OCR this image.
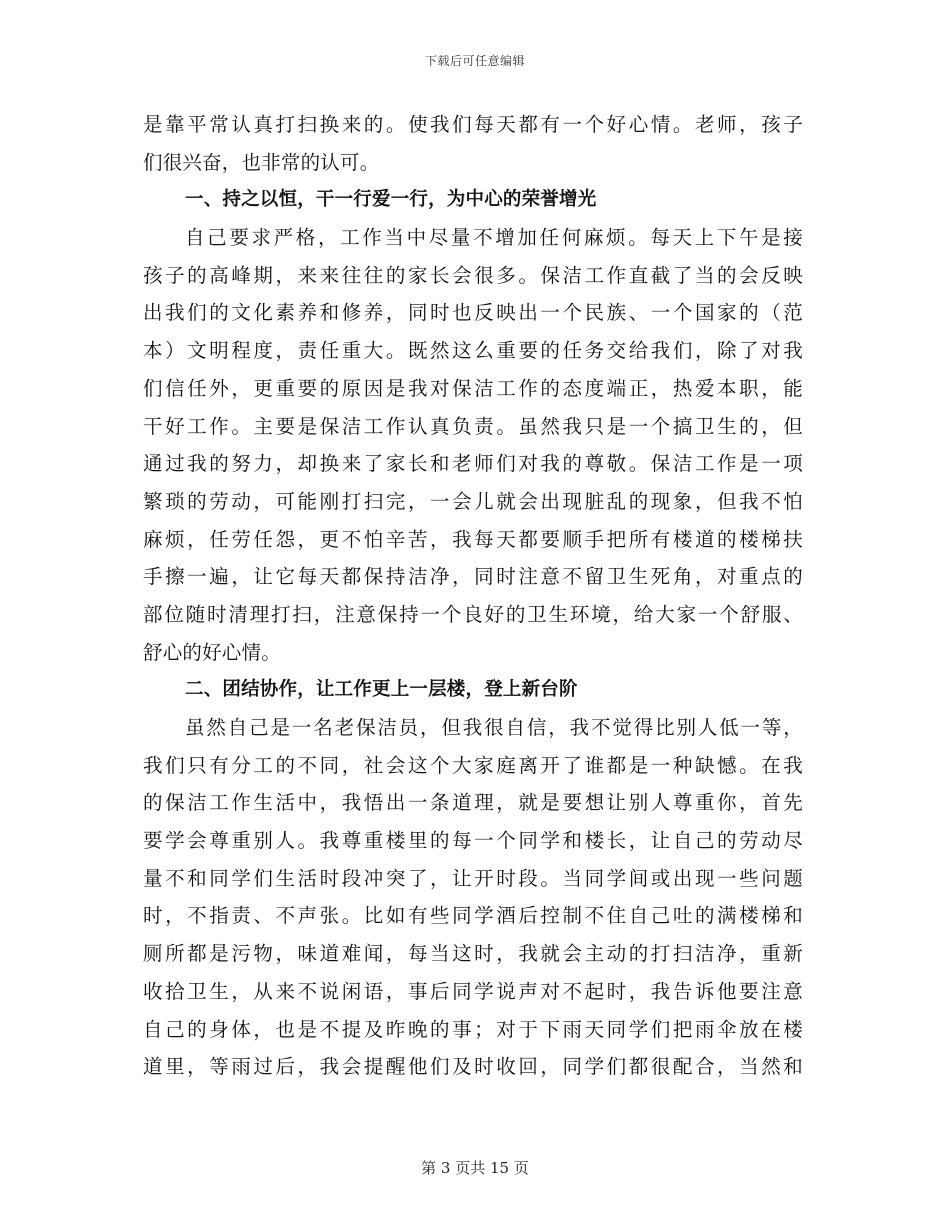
下载后可任意编辑
是靠平常认真打扫换来的。使我们每天都有一个好心情。老师，孩子
们很兴奋，也非常的认可。
一、持之以恒，干一行爱一行，为中心的荣誉增光
自己要求严格，工作当中尽量不增加任何麻烦。每天上下午是接
孩子的高峰期，来来往往的家长会很多。保洁工作直截了当的会反映
出我们的文化素养和修养，同时也反映出一个民族、一个国家的（范
本）文明程度，责任重大。既然这么重要的任务交给我们，除了对我
们信任外，更重要的原因是我对保洁工作的态度端正，热爱本职，能
干好工作。主要是保洁工作认真负责。虽然我只是一个搞卫生的，但
通过我的努力，却换来了家长和老师们对我的尊敬。保洁工作是一项
繁琐的劳动，可能刚打扫完，一会儿就会出现脏乱的现象，但我不怕
麻烦，任劳任怨，更不怕辛苦，我每天都要顺手把所有楼道的楼梯扶
手擦一遍，让它每天都保持洁净，同时注意不留卫生死角，对重点的
部位随时清理打扫，注意保持一个良好的卫生环境，给大家一个舒服、
舒心的好心情。
二、团结协作，让工作更上一层楼，登上新台阶
虽然自己是一名老保洁员，但我很自信，我不觉得比别人低一等，
我们只有分工的不同，社会这个大家庭离开了谁都是一种缺憾。在我
的保洁工作生活中，我悟出一条道理，就是要想让别人尊重你，首先
要学会尊重别人。我尊重楼里的每一个同学和楼长，让自己的劳动尽
量不和同学们生活时段冲突了，让开时段。当同学间或出现一些问题
时，不指责、不声张。比如有些同学酒后控制不住自己吐的满楼梯和
厕所都是污物，味道难闻，每当这时，我就会主动的打扫洁净，重新
收拾卫生，从来不说闲语，事后同学说声对不起时，我告诉他要注意
自己的身体，也是不提及昨晚的事；对于下雨天同学们把雨伞放在楼
道里，等雨过后，我会提醒他们及时收回，同学们都很配合，当然和
第 3 页共 15 页
